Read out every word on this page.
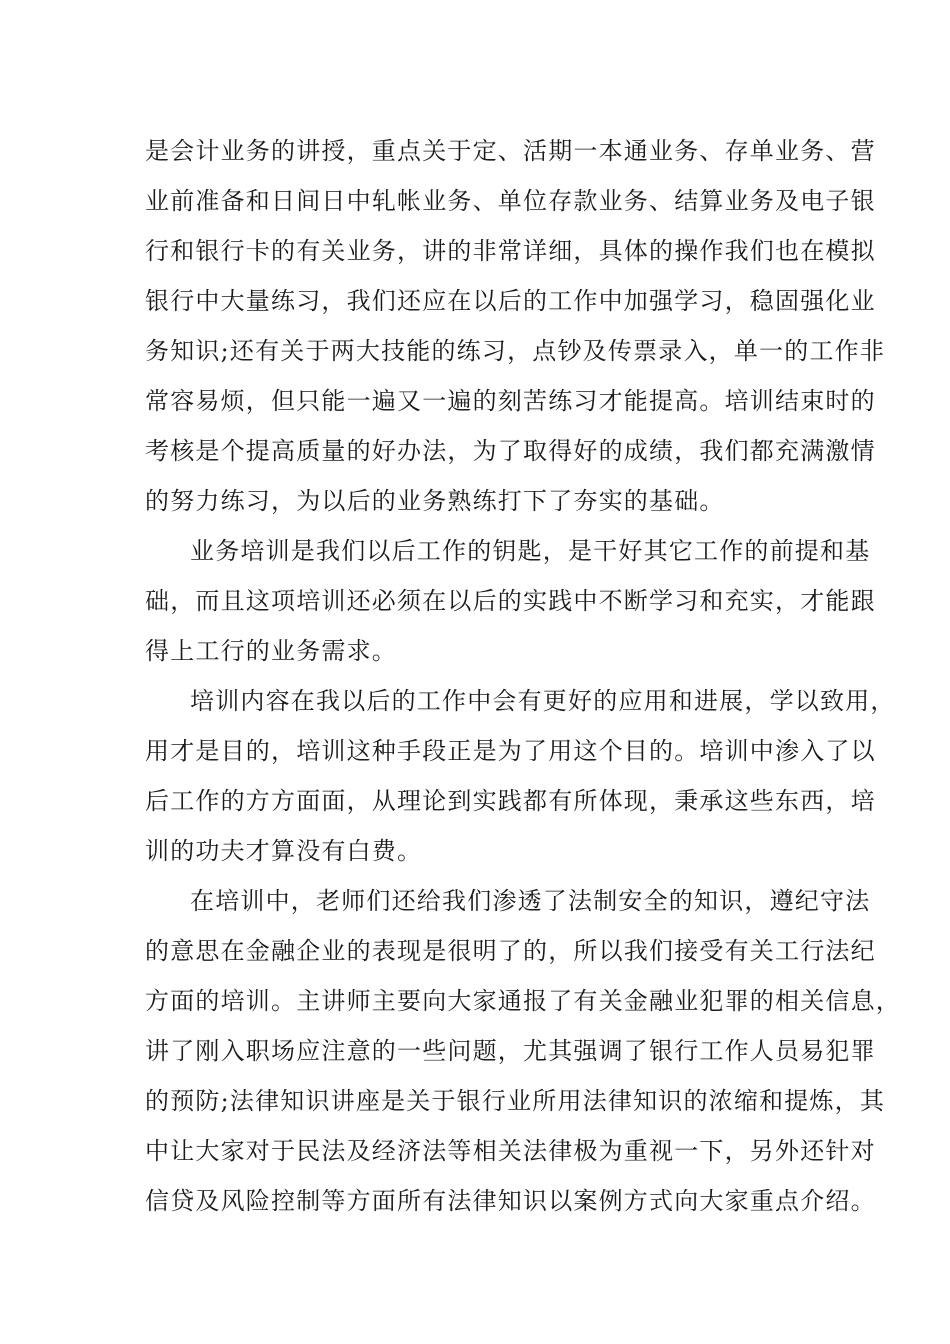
是会计业务的讲授，重点关于定、活期一本通业务、存单业务、营
业前准备和日间日中轧帐业务、单位存款业务、结算业务及电子银
行和银行卡的有关业务，讲的非常详细，具体的操作我们也在模拟
银行中大量练习，我们还应在以后的工作中加强学习，稳固强化业
务知识;还有关于两大技能的练习，点钞及传票录入，单一的工作非
常容易烦，但只能一遍又一遍的刻苦练习才能提高。培训结束时的
考核是个提高质量的好办法，为了取得好的成绩，我们都充满激情
的努力练习，为以后的业务熟练打下了夯实的基础。
业务培训是我们以后工作的钥匙，是干好其它工作的前提和基
础，而且这项培训还必须在以后的实践中不断学习和充实，才能跟
得上工行的业务需求。
培训内容在我以后的工作中会有更好的应用和进展，学以致用，
用才是目的，培训这种手段正是为了用这个目的。培训中渗入了以
后工作的方方面面，从理论到实践都有所体现，秉承这些东西，培
训的功夫才算没有白费。
在培训中，老师们还给我们渗透了法制安全的知识，遵纪守法
的意思在金融企业的表现是很明了的，所以我们接受有关工行法纪
方面的培训。主讲师主要向大家通报了有关金融业犯罪的相关信息，
讲了刚入职场应注意的一些问题，尤其强调了银行工作人员易犯罪
的预防;法律知识讲座是关于银行业所用法律知识的浓缩和提炼，其
中让大家对于民法及经济法等相关法律极为重视一下，另外还针对
信贷及风险控制等方面所有法律知识以案例方式向大家重点介绍。
